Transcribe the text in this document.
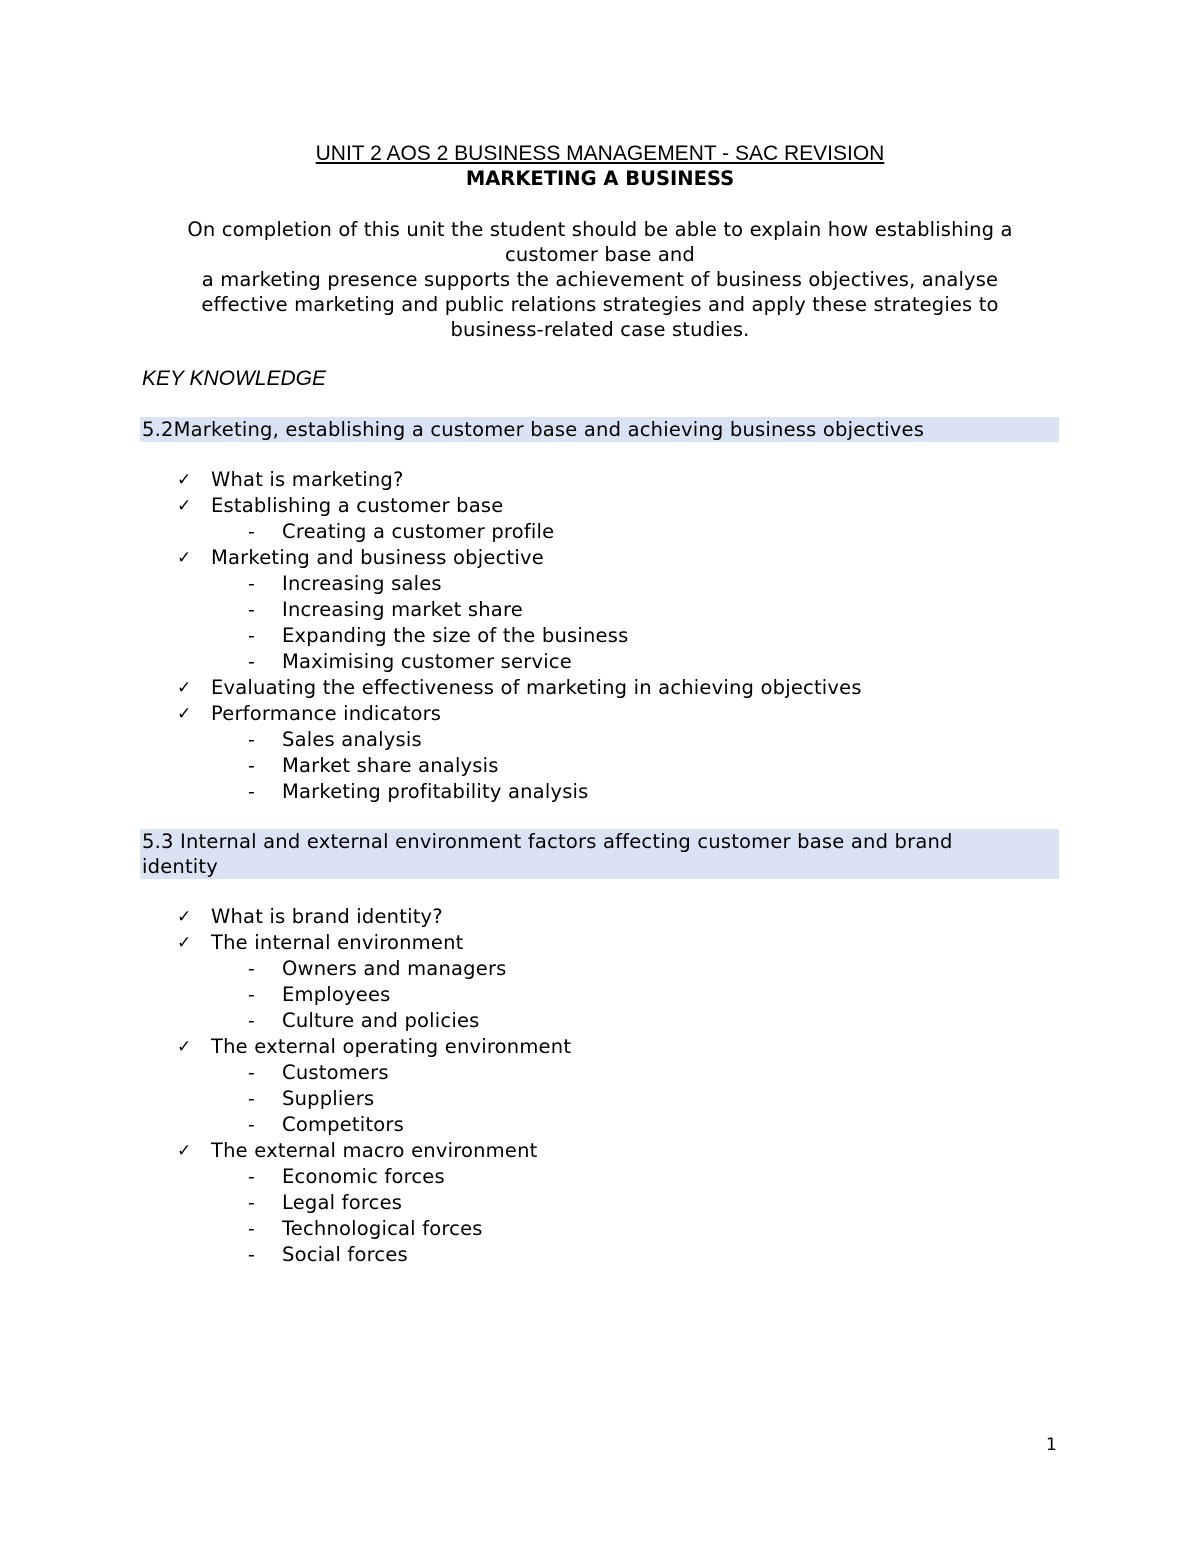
UNIT 2 AOS 2 BUSINESS MANAGEMENT - SAC REVISION
MARKETING A BUSINESS
On completion of this unit the student should be able to explain how establishing a
customer base and
a marketing presence supports the achievement of business objectives, analyse
effective marketing and public relations strategies and apply these strategies to
business-related case studies.
KEY KNOWLEDGE
5.2Marketing, establishing a customer base and achieving business objectives
5.3 Internal and external environment factors affecting customer base and brand
identity
✓ What is marketing?
✓ Establishing a customer base
- Creating a customer profile
✓ Marketing and business objective
- Increasing sales
- Increasing market share
- Expanding the size of the business
- Maximising customer service
✓ Evaluating the effectiveness of marketing in achieving objectives
✓ Performance indicators
- Sales analysis
- Market share analysis
- Marketing profitability analysis
✓ What is brand identity?
✓ The internal environment
- Owners and managers
- Employees
- Culture and policies
✓ The external operating environment
- Customers
- Suppliers
- Competitors
✓ The external macro environment
- Economic forces
- Legal forces
- Technological forces
- Social forces
1
